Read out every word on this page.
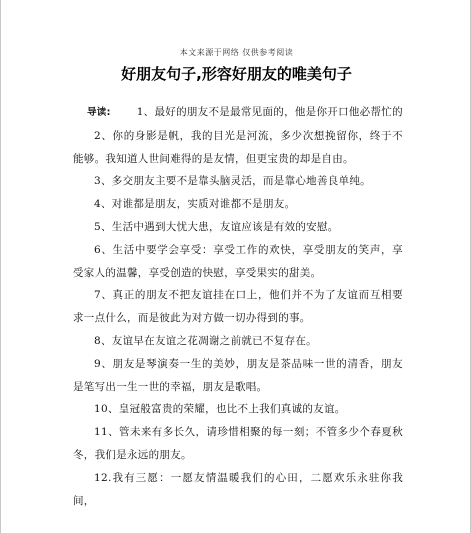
本文来源于网络 仅供参考阅读
好朋友句子,形容好朋友的唯美句子

导读: 1、最好的朋友不是最常见面的，他是你开口他必帮忙的

2、你的身影是帆，我的目光是河流，多少次想挽留你，终于不能够。我知道人世间难得的是友情，但更宝贵的却是自由。

3、多交朋友主要不是靠头脑灵活，而是靠心地善良单纯。

4、对谁都是朋友，实质对谁都不是朋友。

5、生活中遇到大忧大患，友谊应该是有效的安慰。

6、生活中要学会享受：享受工作的欢快，享受朋友的笑声，享受家人的温馨，享受创造的快慰，享受果实的甜美。

7、真正的朋友不把友谊挂在口上，他们并不为了友谊而互相要求一点什么，而是彼此为对方做一切办得到的事。

8、友谊早在友谊之花凋谢之前就已不复存在。

9、朋友是琴演奏一生的美妙，朋友是茶品味一世的清香，朋友是笔写出一生一世的幸福，朋友是歌唱。

10、皇冠般富贵的荣耀，也比不上我们真诚的友谊。

11、管未来有多长久，请珍惜相聚的每一刻；不管多少个春夏秋冬，我们是永远的朋友。

12.我有三愿：一愿友情温暖我们的心田，二愿欢乐永驻你我间，
